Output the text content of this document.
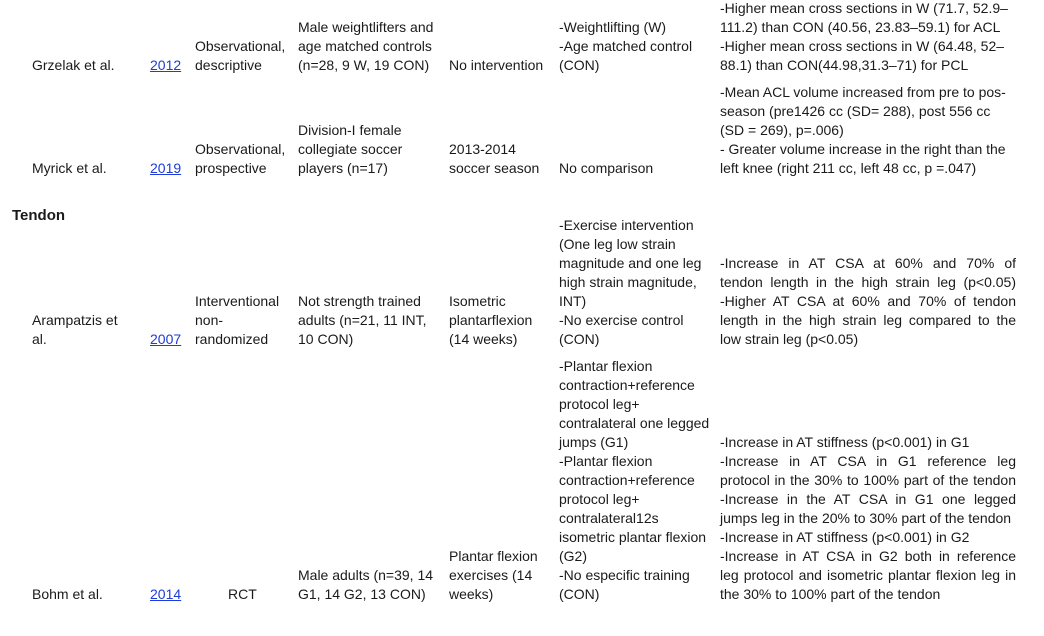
Tendon
Grzelak et al.
Observational,
descriptive
Male weightlifters and
age matched controls
(n=28, 9 W, 19 CON) No intervention
-Weightlifting (W)
-Age matched control
(CON)
-Higher mean cross sections in W (71.7, 52.9–
111.2) than CON (40.56, 23.83–59.1) for ACL
-Higher mean cross sections in W (64.48, 52–
88.1) than CON(44.98,31.3–71) for PCL
2012
Myrick et al.
Observational,
prospective
Division-I female
collegiate soccer
players (n=17)
2013-2014
soccer season No comparison
-Mean ACL volume increased from pre to pos-
season (pre1426 cc (SD= 288), post 556 cc
(SD = 269), p=.006)
- Greater volume increase in the right than the
left knee (right 211 cc, left 48 cc, p =.047)
2019
Arampatzis et
al.
Interventional
non-
randomized
Not strength trained
adults (n=21, 11 INT,
10 CON)
Isometric
plantarflexion
(14 weeks)
-Exercise intervention
(One leg low strain
magnitude and one leg
high strain magnitude,
INT)
-No exercise control
(CON)
-Increase in AT CSA at 60% and 70% of
tendon length in the high strain leg (p<0.05)
-Higher AT CSA at 60% and 70% of tendon
length in the high strain leg compared to the
low strain leg (p<0.05)
2007
Bohm et al.	RCT
Male adults (n=39, 14
G1, 14 G2, 13 CON)
Plantar flexion
exercises (14
weeks)
-Plantar flexion
contraction+reference
protocol leg+
contralateral one legged
jumps (G1)
-Plantar flexion
contraction+reference
protocol leg+
contralateral12s
isometric plantar flexion
(G2)
-No especific training
(CON)
-Increase in AT stiffness (p<0.001) in G1
-Increase in AT CSA in G1 reference leg
protocol in the 30% to 100% part of the tendon
-Increase in the AT CSA in G1 one legged
jumps leg in the 20% to 30% part of the tendon
-Increase in AT stiffness (p<0.001) in G2
-Increase in AT CSA in G2 both in reference
leg protocol and isometric plantar flexion leg in
the 30% to 100% part of the tendon
2014
